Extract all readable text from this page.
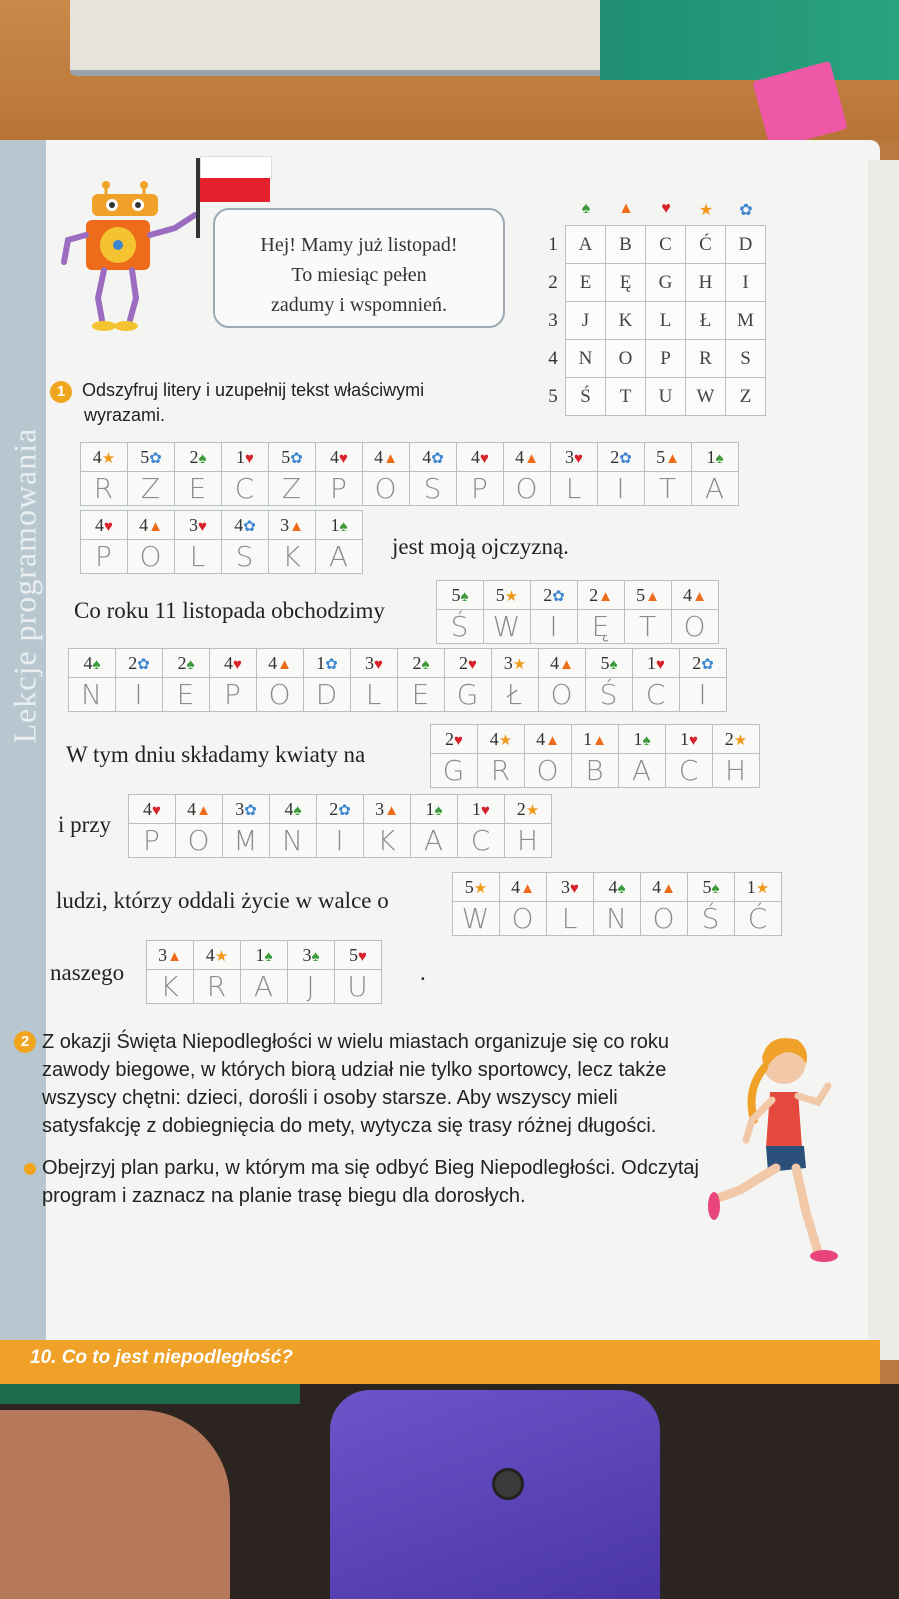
Lekcje programowania
Hej! Mamy już listopad!
To miesiąc pełen
zadumy i wspomnień.
♠	▲	♥	★	✿
1	A	B	C	Ć	D
2	E	Ę	G	H	I
3	J	K	L	Ł	M
4	N	O	P	R	S
5	Ś	T	U	W	Z
1 Odszyfruj litery i uzupełnij tekst właściwymi
wyrazami.
4★	5✿	2♠	1♥	5✿	4♥	4▲	4✿	4♥	4▲	3♥	2✿	5▲	1♠
R	Z	E	C	Z	P	O	S	P	O	L	I	T	A
4♥	4▲	3♥	4✿	3▲	1♠
P	O	L	S	K	A jest moją ojczyzną.
Co roku 11 listopada obchodzimy
5♠	5★	2✿	2▲	5▲	4▲
Ś	W	I	Ę	T	O
4♠	2✿	2♠	4♥	4▲	1✿	3♥	2♠	2♥	3★	4▲	5♠	1♥	2✿
N	I	E	P	O	D	L	E	G	Ł	O	Ś	C	I
W tym dniu składamy kwiaty na
2♥	4★	4▲	1▲	1♠	1♥	2★
G	R	O	B	A	C	H
i przy
4♥	4▲	3✿	4♠	2✿	3▲	1♠	1♥	2★
P	O	M	N	I	K	A	C	H
ludzi, którzy oddali życie w walce o
5★	4▲	3♥	4♠	4▲	5♠	1★
W	O	L	N	O	Ś	Ć
naszego
3▲	4★	1♠	3♠	5♥
K	R	A	J	U .

2 Z okazji Święta Niepodległości w wielu miastach organizuje się co roku zawody biegowe, w których biorą udział nie tylko sportowcy, lecz także wszyscy chętni: dzieci, dorośli i osoby starsze. Aby wszyscy mieli satysfakcję z dobiegnięcia do mety, wytycza się trasy różnej długości.

Obejrzyj plan parku, w którym ma się odbyć Bieg Niepodległości. Odczytaj program i zaznacz na planie trasę biegu dla dorosłych.
10. Co to jest niepodległość?
